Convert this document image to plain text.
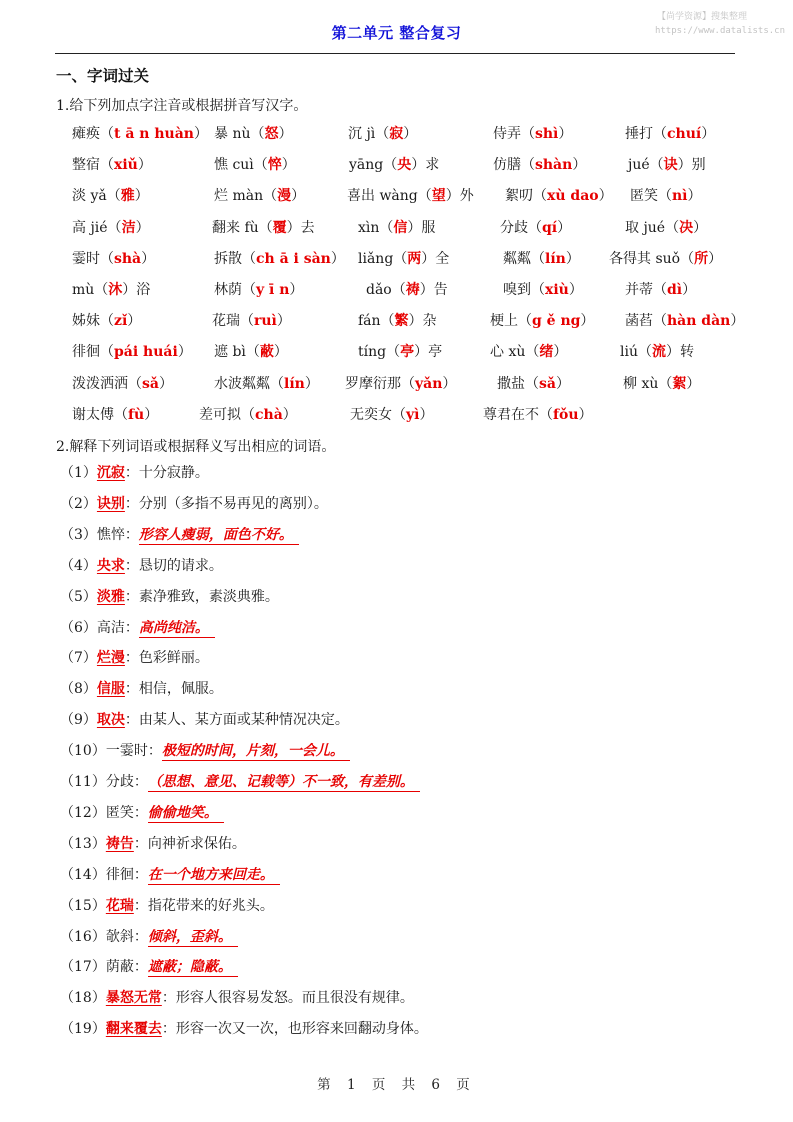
第二单元 整合复习
【尚学资源】搜集整理
https://www.datalists.cn
一、字词过关
1.给下列加点字注音或根据拼音写汉字。
瘫痪（t ā n huàn） 暴 nù（怒）	沉 jì（寂）	侍弄（shì）	捶打（chuí）
整宿（xiǔ）	憔 cuì（悴）	yāng（央）求	仿膳（shàn）	jué（诀）别
淡 yǎ（雅）	烂 màn（漫）	喜出 wàng（望）外 絮叨（xù dao） 匿笑（nì）
高 jié（洁）	翻来 fù（覆）去	xìn（信）服	分歧（qí）	取 jué（决）
霎时（shà）	拆散（ch ā i sàn） liǎng（两）全	粼粼（lín） 各得其 suǒ（所）
mù（沐）浴	林荫（y ī n）	dǎo（祷）告	嗅到（xiù）	并蒂（dì）
姊妹（zǐ）	花瑞（ruì）	fán（繁）杂	梗上（g ě ng） 菡萏（hàn dàn）
徘徊（pái huái） 遮 bì（蔽）	tíng（亭）亭	心 xù（绪）	liú（流）转
泼泼洒洒（sǎ）	水波粼粼（lín） 罗摩衍那（yǎn）	撒盐（sǎ）	柳 xù（絮）
谢太傅（fù）	差可拟（chà）	无奕女（yì）	尊君在不（fǒu）
2.解释下列词语或根据释义写出相应的词语。
（1）沉寂：十分寂静。
（2）诀别：分别（多指不易再见的离别）。
（3）憔悴：形容人瘦弱，面色不好。
（4）央求：恳切的请求。
（5）淡雅：素净雅致，素淡典雅。
（6）高洁：高尚纯洁。
（7）烂漫：色彩鲜丽。
（8）信服：相信，佩服。
（9）取决：由某人、某方面或某种情况决定。
（10）一霎时：极短的时间，片刻，一会儿。
（11）分歧：（思想、意见、记载等）不一致，有差别。
（12）匿笑：偷偷地笑。
（13）祷告：向神祈求保佑。
（14）徘徊：在一个地方来回走。
（15）花瑞：指花带来的好兆头。
（16）欹斜：倾斜，歪斜。
（17）荫蔽：遮蔽；隐蔽。
（18）暴怒无常：形容人很容易发怒。而且很没有规律。
（19）翻来覆去：形容一次又一次，也形容来回翻动身体。
第 1 页 共 6 页
